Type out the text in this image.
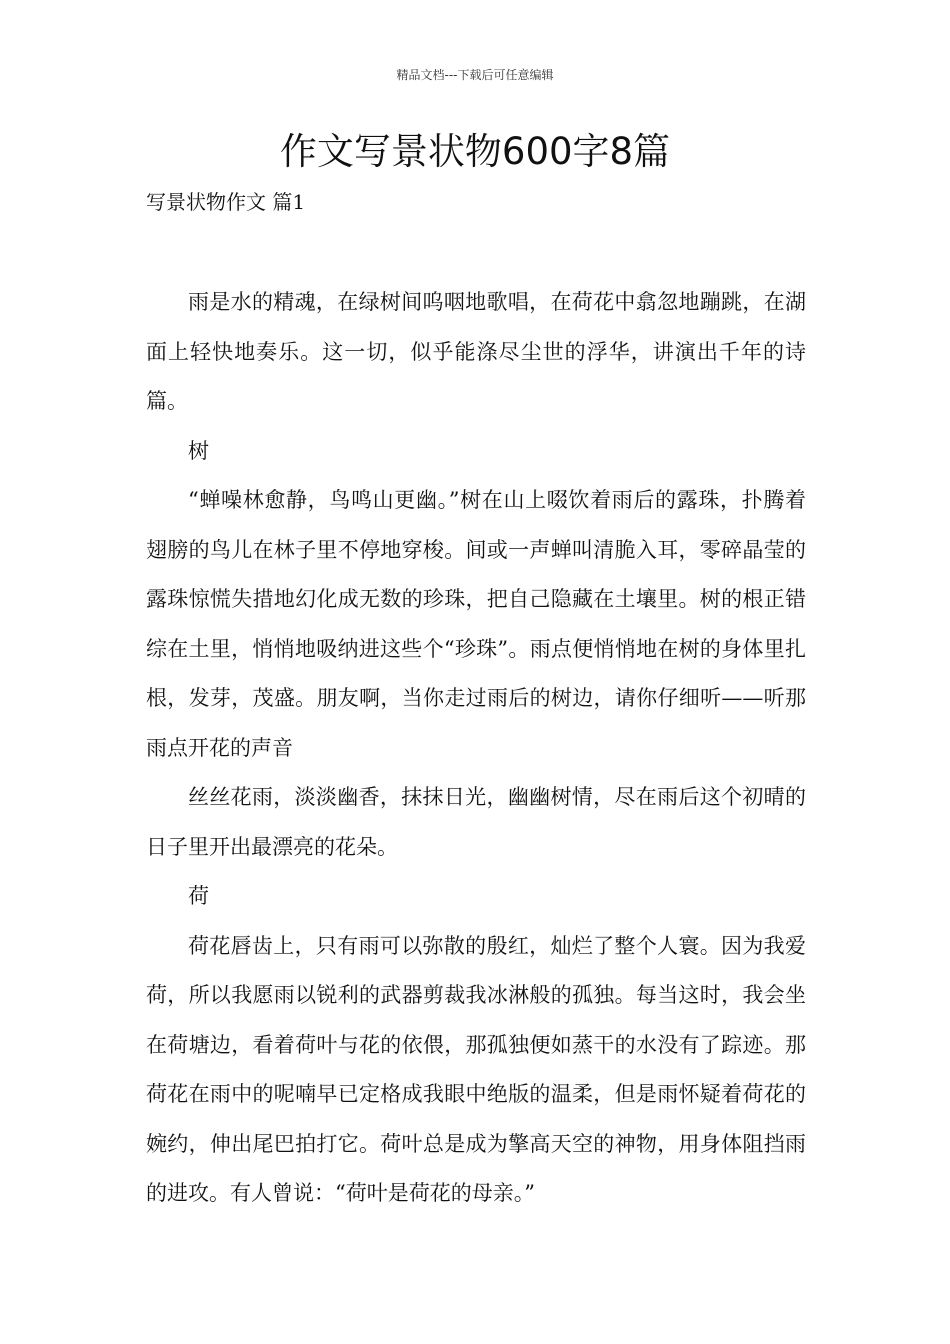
精品文档---下载后可任意编辑
作文写景状物600字8篇
写景状物作文 篇1

雨是水的精魂，在绿树间呜咽地歌唱，在荷花中翕忽地蹦跳，在湖面上轻快地奏乐。这一切，似乎能涤尽尘世的浮华，讲演出千年的诗篇。

树

“蝉噪林愈静，鸟鸣山更幽。”树在山上啜饮着雨后的露珠，扑腾着翅膀的鸟儿在林子里不停地穿梭。间或一声蝉叫清脆入耳，零碎晶莹的露珠惊慌失措地幻化成无数的珍珠，把自己隐藏在土壤里。树的根正错综在土里，悄悄地吸纳进这些个“珍珠”。雨点便悄悄地在树的身体里扎根，发芽，茂盛。朋友啊，当你走过雨后的树边，请你仔细听——听那雨点开花的声音

丝丝花雨，淡淡幽香，抹抹日光，幽幽树情，尽在雨后这个初晴的日子里开出最漂亮的花朵。

荷

荷花唇齿上，只有雨可以弥散的殷红，灿烂了整个人寰。因为我爱荷，所以我愿雨以锐利的武器剪裁我冰淋般的孤独。每当这时，我会坐在荷塘边，看着荷叶与花的依偎，那孤独便如蒸干的水没有了踪迹。那荷花在雨中的呢喃早已定格成我眼中绝版的温柔，但是雨怀疑着荷花的婉约，伸出尾巴拍打它。荷叶总是成为擎高天空的神物，用身体阻挡雨的进攻。有人曾说：“荷叶是荷花的母亲。”
